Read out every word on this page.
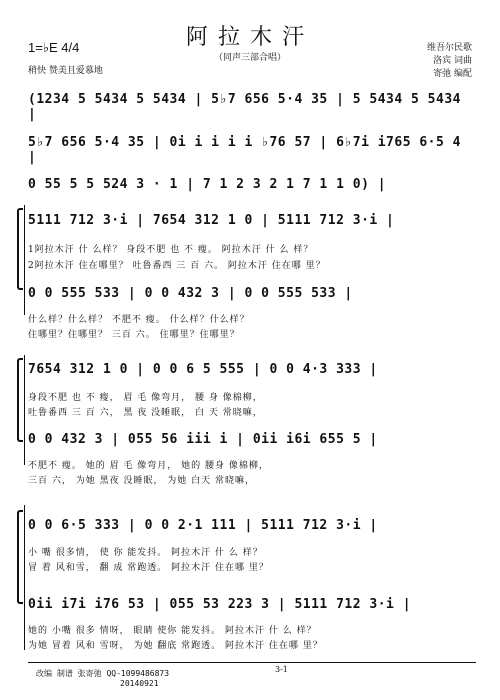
阿拉木汗
（同声三部合唱）
1=♭E 4/4
稍快 赞美且爱慕地
维吾尔民歌
洛宾 词曲
寄弛 编配
(1234 5 5434 5 5434 | 5♭7 656 5·4 35 | 5 5434 5 5434 |
5♭7 656 5·4 35 | 0i i i i i ♭76 57 | 6♭7i i765 6·5 4 |
0 55 5 5 524 3 · 1 | 7 1 2 3 2 1 7 1 1 0) |
5111 712 3·i | 7654 312 1 0 | 5111 712 3·i |
1阿拉木汗 什 么样？ 身段不肥 也 不 瘦。 阿拉木汗 什 么 样？
2阿拉木汗 住在哪里？ 吐鲁番西 三 百 六。 阿拉木汗 住在哪 里？
0 0 555 533 | 0 0 432 3 | 0 0 555 533 |
什么样？什么样？ 不肥不 瘦。 什么样？什么样？
住哪里？住哪里？ 三百 六。 住哪里？住哪里？
7654 312 1 0 | 0 0 6 5 555 | 0 0 4·3 333 |
身段不肥 也 不 瘦， 眉 毛 像弯月， 腰 身 像棉柳，
吐鲁番西 三 百 六， 黑 夜 没睡眠， 白 天 常晓嘛，
0 0 432 3 | 055 56 iii i | 0ii i6i 655 5 |
不肥不 瘦。 她的 眉 毛 像弯月， 她的 腰身 像棉柳，
三百 六， 为她 黑夜 没睡眠， 为她 白天 常晓嘛，
0 0 6·5 333 | 0 0 2·1 111 | 5111 712 3·i |
小 嘴 很多情， 使 你 能发抖。 阿拉木汗 什 么 样？
冒 着 风和雪， 翻 成 常跑透。 阿拉木汗 住在哪 里？
0ii i7i i76 53 | 055 53 223 3 | 5111 712 3·i |
她的 小嘴 很多 情呀， 眼睛 使你 能发抖。 阿拉木汗 什 么 样？
为她 冒着 风和 雪呀， 为她 翻底 常跑透。 阿拉木汗 住在哪 里？
改编 制谱 张寄弛 QQ-1099486873
20140921
3-1
